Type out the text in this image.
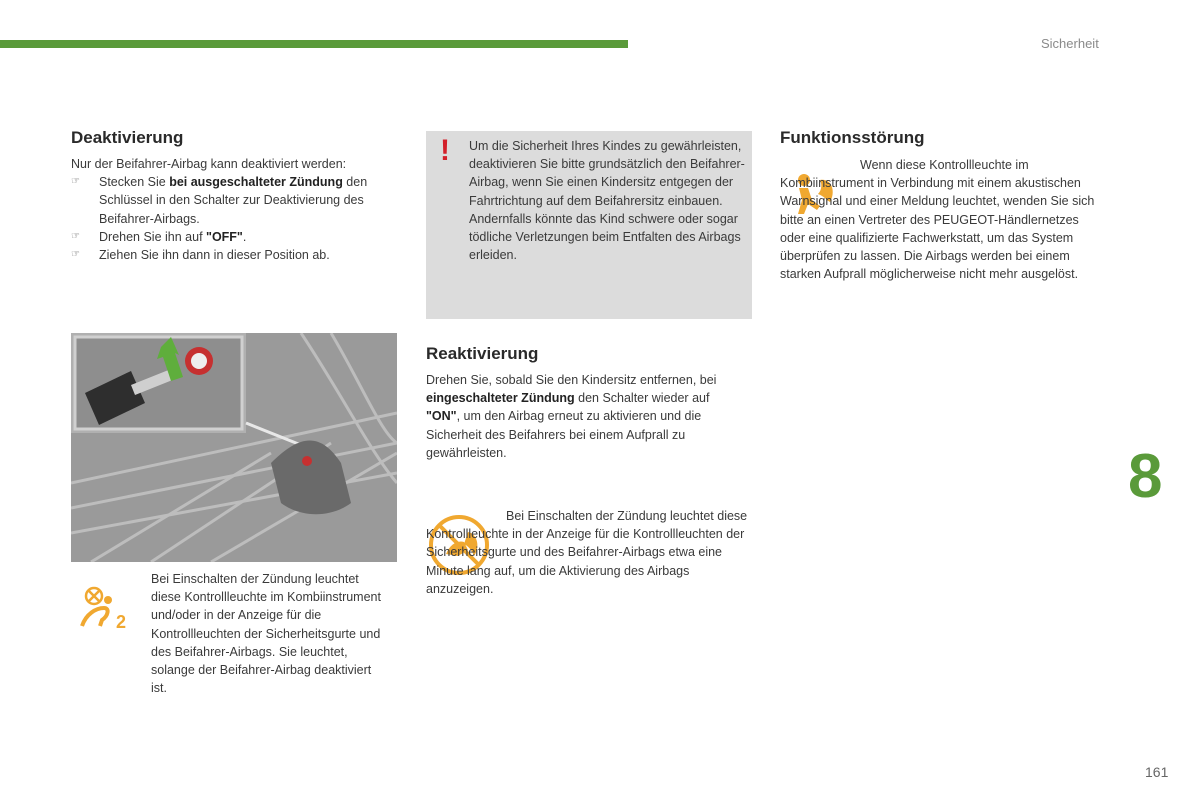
Sicherheit
Deaktivierung

Nur der Beifahrer-Airbag kann deaktiviert werden:

☞	Stecken Sie bei ausgeschalteter Zündung den Schlüssel in den Schalter zur Deaktivierung des Beifahrer-Airbags.
☞	Drehen Sie ihn auf "OFF".
☞	Ziehen Sie ihn dann in dieser Position ab.
! Um die Sicherheit Ihres Kindes zu gewährleisten, deaktivieren Sie bitte grundsätzlich den Beifahrer-Airbag, wenn Sie einen Kindersitz entgegen der Fahrtrichtung auf dem Beifahrersitz einbauen.

Andernfalls könnte das Kind schwere oder sogar tödliche Verletzungen beim Entfalten des Airbags erleiden.

Funktionsstörung
Wenn diese Kontrollleuchte im Kombiinstrument in Verbindung mit einem akustischen Warnsignal und einer Meldung leuchtet, wenden Sie sich bitte an einen Vertreter des PEUGEOT-Händlernetzes oder eine qualifizierte Fachwerkstatt, um das System überprüfen zu lassen. Die Airbags werden bei einem starken Aufprall möglicherweise nicht mehr ausgelöst.
2
Bei Einschalten der Zündung leuchtet diese Kontrollleuchte im Kombiinstrument und/oder in der Anzeige für die Kontrollleuchten der Sicherheitsgurte und des Beifahrer-Airbags. Sie leuchtet, solange der Beifahrer-Airbag deaktiviert ist.
Reaktivierung
Drehen Sie, sobald Sie den Kindersitz entfernen, bei eingeschalteter Zündung den Schalter wieder auf "ON", um den Airbag erneut zu aktivieren und die Sicherheit des Beifahrers bei einem Aufprall zu gewährleisten.
Bei Einschalten der Zündung leuchtet diese Kontrollleuchte in der Anzeige für die Kontrollleuchten der Sicherheitsgurte und des Beifahrer-Airbags etwa eine Minute lang auf, um die Aktivierung des Airbags anzuzeigen.
8
161
